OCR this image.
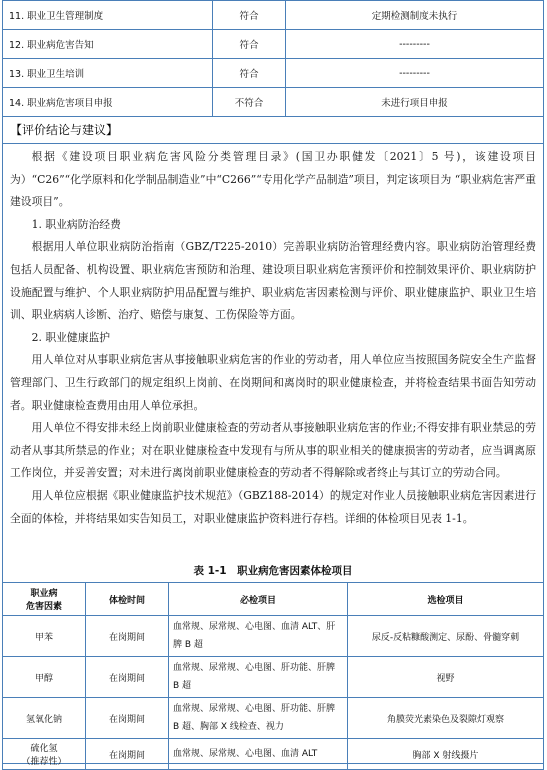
11. 职业卫生管理制度	符合	定期检测制度未执行
12. 职业病危害告知	符合	---------
13. 职业卫生培训	符合	---------
14. 职业病危害项目申报	不符合	未进行项目申报
【评价结论与建议】

根据《建设项目职业病危害风险分类管理目录》(国卫办职健发〔2021〕5 号)，该建设项目为）“C26”“化学原料和化学制品制造业”中“C266”“专用化学产品制造”项目，判定该项目为 “职业病危害严重建设项目”。

1. 职业病防治经费

根据用人单位职业病防治指南（GBZ/T225-2010）完善职业病防治管理经费内容。职业病防治管理经费包括人员配备、机构设置、职业病危害预防和治理、建设项目职业病危害预评价和控制效果评价、职业病防护设施配置与维护、个人职业病防护用品配置与维护、职业病危害因素检测与评价、职业健康监护、职业卫生培训、职业病病人诊断、治疗、赔偿与康复、工伤保险等方面。

2. 职业健康监护

用人单位对从事职业病危害从事接触职业病危害的作业的劳动者，用人单位应当按照国务院安全生产监督管理部门、卫生行政部门的规定组织上岗前、在岗期间和离岗时的职业健康检查，并将检查结果书面告知劳动者。职业健康检查费用由用人单位承担。

用人单位不得安排未经上岗前职业健康检查的劳动者从事接触职业病危害的作业;不得安排有职业禁忌的劳动者从事其所禁忌的作业；对在职业健康检查中发现有与所从事的职业相关的健康损害的劳动者，应当调离原工作岗位，并妥善安置；对未进行离岗前职业健康检查的劳动者不得解除或者终止与其订立的劳动合同。

用人单位应根据《职业健康监护技术规范》（GBZ188-2014）的规定对作业人员接触职业病危害因素进行全面的体检，并将结果如实告知员工，对职业健康监护资料进行存档。详细的体检项目见表 1-1。

表 1-1　职业病危害因素体检项目
职业病
危害因素	体检时间	必检项目	选检项目
甲苯	在岗期间	血常规、尿常规、心电图、血清 ALT、肝脾 B 超	尿反-反粘糠酸测定、尿酚、骨髓穿刺
甲醇	在岗期间	血常规、尿常规、心电图、肝功能、肝脾 B 超	视野
氢氧化钠	在岗期间	血常规、尿常规、心电图、肝功能、肝脾 B 超、胸部 X 线检查、视力	角膜荧光素染色及裂隙灯观察
硫化氢
（推荐性）	在岗期间	血常规、尿常规、心电图、血清 ALT	胸部 X 射线摄片
